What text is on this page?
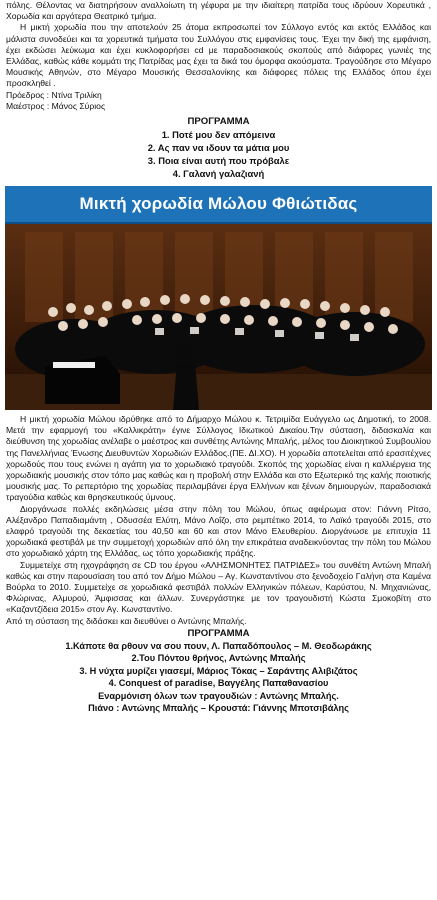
πόλης. Θέλοντας να διατηρήσουν αναλλοίωτη τη γέφυρα με την ιδιαίτερη πατρίδα τους ιδρύουν Χορευτικά , Χορωδία και αργότερα Θεατρικό τμήμα.

Η μικτή χορωδία που την αποτελούν 25 άτομα εκπροσωπεί τον Σύλλογο εντός και εκτός Ελλάδος και μάλιστα συνοδεύει και τα χορευτικά τμήματα του Συλλόγου στις εμφανίσεις τους. Έχει την δική της εμφάνιση, έχει εκδώσει λεύκωμα και έχει κυκλοφορήσει cd με παραδοσιακούς σκοπούς από διάφορες γωνιές της Ελλάδας, καθώς κάθε κομμάτι της Πατρίδας μας έχει τα δικά του όμορφα ακούσματα. Τραγούδησε στο Μέγαρο Μουσικής Αθηνών, στο Μέγαρο Μουσικής Θεσσαλονίκης και διάφορες πόλεις της Ελλάδος όπου έχει προσκληθεί .

Πρόεδρος : Ντίνα Τριλίκη

Μαέστρος : Μάνος Σύριος

ΠΡΟΓΡΑΜΜΑ

1. Ποτέ μου δεν απόμεινα

2. Ας παν να ιδουν τα μάτια μου

3. Ποια είναι αυτή που πρόβαλε

4. Γαλανή γαλαζιανή

Μικτή χορωδία Μώλου Φθιώτιδας

Η μικτή χορωδία Μώλου ιδρύθηκε από το Δήμαρχο Μώλου κ. Τετριμίδα Ευάγγελο ως Δημοτική, το 2008. Μετά την εφαρμογή του «Καλλικράτη» έγινε Σύλλογος Ιδιωτικού Δικαίου.Την σύσταση, διδασκαλία και διεύθυνση της χορωδίας ανέλαβε ο μαέστρος και συνθέτης Αντώνης Μπαλής, μέλος του Διοικητικού Συμβουλίου της Πανελλήνιας Ένωσης Διευθυντών Χορωδιών Ελλάδος.(ΠΕ. ΔΙ.ΧΟ). Η χορωδία αποτελείται από ερασιτέχνες χορωδούς που τους ενώνει η αγάπη για το χορωδιακό τραγούδι. Σκοπός της χορωδίας είναι η καλλιέργεια της χορωδιακής μουσικής στον τόπο μας καθώς και η προβολή στην Ελλάδα και στο Εξωτερικό της καλής ποιοτικής μουσικής μας. Το ρεπερτόριο της χορωδίας περιλαμβάνει έργα Ελλήνων και ξένων δημιουργών, παραδοσιακά τραγούδια καθώς και θρησκευτικούς ύμνους.

Διοργάνωσε πολλές εκδηλώσεις μέσα στην πόλη του Μώλου, όπως αφιέρωμα στον: Γιάννη Ρίτσο, Αλέξανδρο Παπαδιαμάντη , Οδυσσέα Ελύτη, Μάνο Λοΐζο, στο ρεμπέτικο 2014, το Λαϊκό τραγούδι 2015, στο ελαφρό τραγούδι της δεκαετίας του 40,50 και 60 και στον Μάνο Ελευθερίου. Διοργάνωσε με επιτυχία 11 χορωδιακά φεστιβάλ με την συμμετοχή χορωδιών από όλη την επικράτεια αναδεικνύοντας την πόλη του Μώλου στο χορωδιακό χάρτη της Ελλάδας, ως τόπο χορωδιακής πράξης.

Συμμετείχε στη ηχογράφηση σε CD του έργου «ΑΛΗΣΜΟΝΗΤΕΣ ΠΑΤΡΙΔΕΣ» του συνθέτη Αντώνη Μπαλή καθώς και στην παρουσίαση του από τον Δήμο Μώλου – Αγ. Κωνσταντίνου στο ξενοδοχείο Γαλήνη στα Καμένα Βούρλα το 2010. Συμμετείχε σε χορωδιακά φεστιβάλ πολλών Ελληνικών πόλεων, Καρύστου, Ν. Μηχανιώνας, Φλώρινας, Αλμυρού, Άμφισσας και άλλων. Συνεργάστηκε με τον τραγουδιστή Κώστα Σμοκοβίτη στο «Καζαντζίδεια 2015» στον Αγ. Κωνσταντίνο.

Από τη σύσταση της διδάσκει και διευθύνει ο Αντώνης Μπαλής.

ΠΡΟΓΡΑΜΜΑ

1.Κάποτε θα ρθουν να σου πουν, Λ. Παπαδόπουλος – Μ. Θεοδωράκης

2.Του Πόντου θρήνος, Αντώνης Μπαλής

3. Η νύχτα μυρίζει γιασεμί, Μάριος Τόκας – Σαράντης Αλιβιζάτος

4. Conquest of paradise, Βαγγέλης Παπαθανασίου

Εναρμόνιση όλων των τραγουδιών : Αντώνης Μπαλής.

Πιάνο : Αντώνης Μπαλής – Κρουστά: Γιάννης Μποτσιβάλης
